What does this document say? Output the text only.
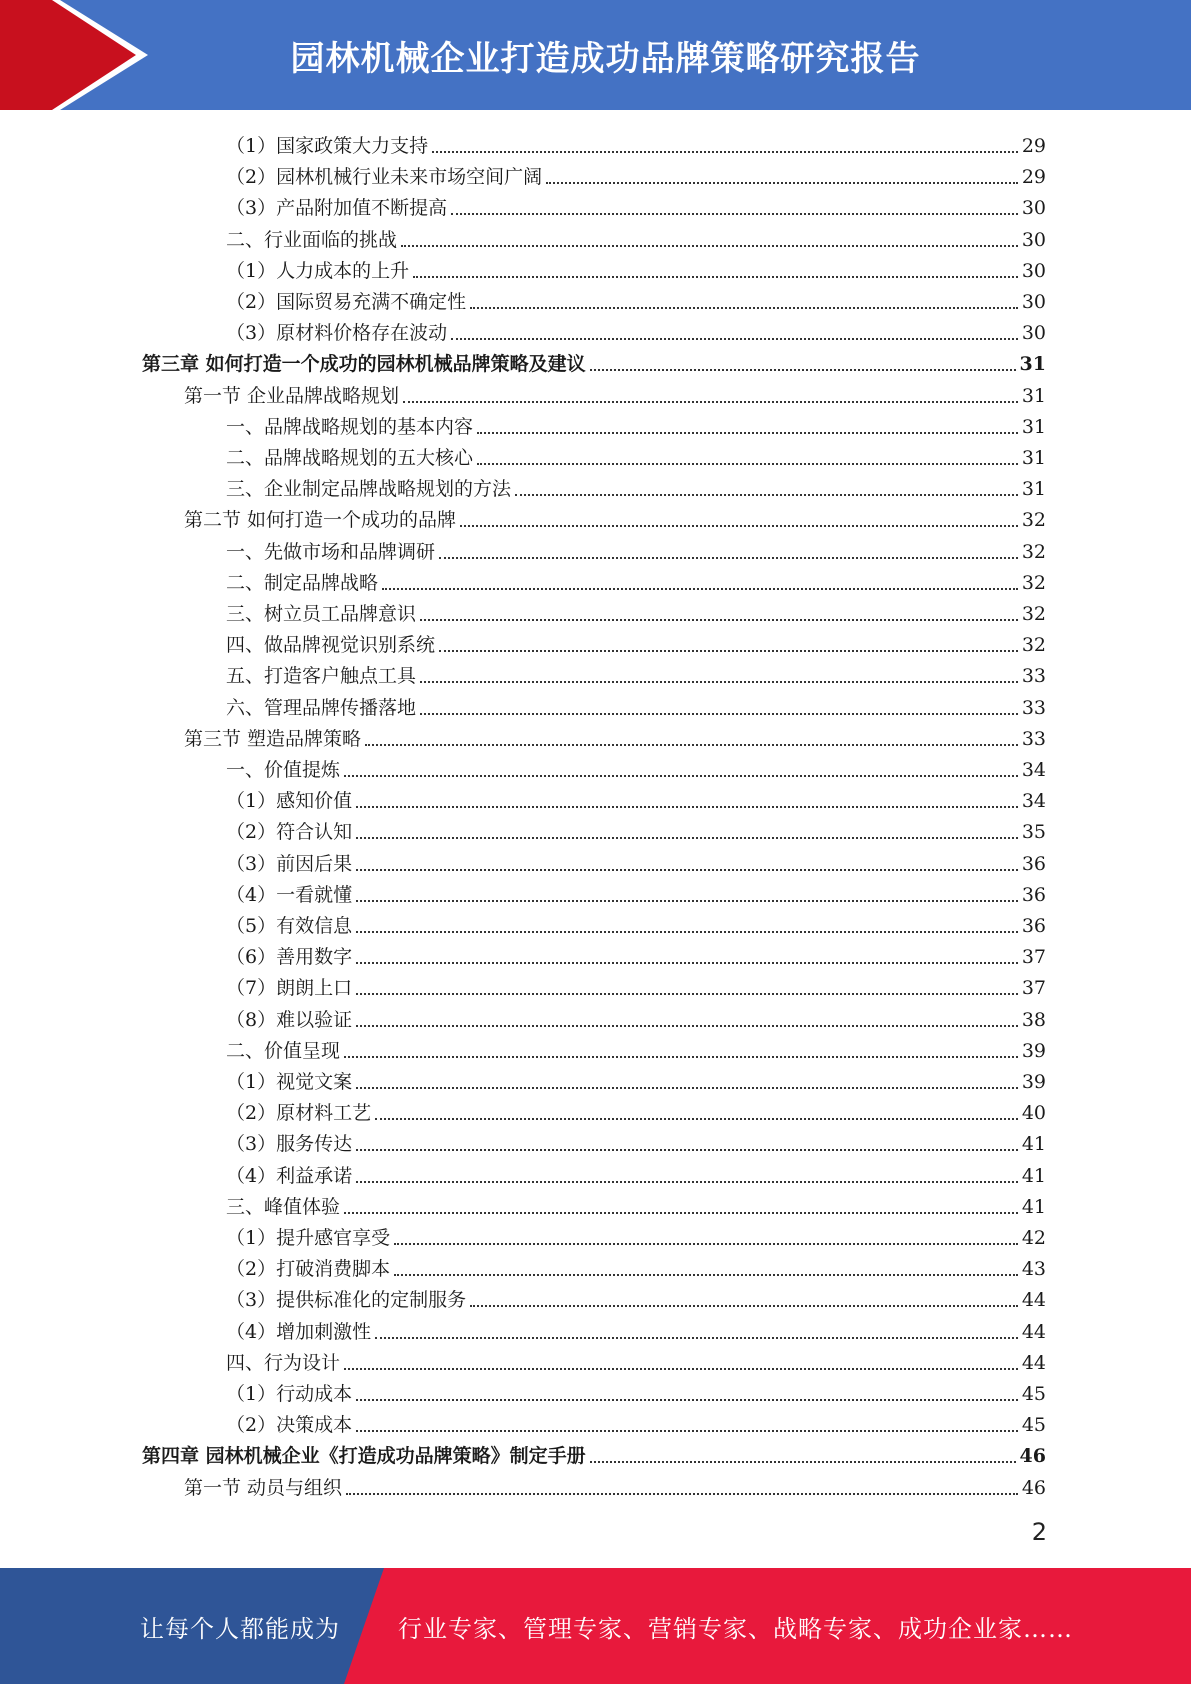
园林机械企业打造成功品牌策略研究报告
（1）国家政策大力支持	29
（2）园林机械行业未来市场空间广阔	29
（3）产品附加值不断提高	30
二、行业面临的挑战	30
（1）人力成本的上升	30
（2）国际贸易充满不确定性	30
（3）原材料价格存在波动	30
第三章 如何打造一个成功的园林机械品牌策略及建议	31
第一节 企业品牌战略规划	31
一、品牌战略规划的基本内容	31
二、品牌战略规划的五大核心	31
三、企业制定品牌战略规划的方法	31
第二节 如何打造一个成功的品牌	32
一、先做市场和品牌调研	32
二、制定品牌战略	32
三、树立员工品牌意识	32
四、做品牌视觉识别系统	32
五、打造客户触点工具	33
六、管理品牌传播落地	33
第三节 塑造品牌策略	33
一、价值提炼	34
（1）感知价值	34
（2）符合认知	35
（3）前因后果	36
（4）一看就懂	36
（5）有效信息	36
（6）善用数字	37
（7）朗朗上口	37
（8）难以验证	38
二、价值呈现	39
（1）视觉文案	39
（2）原材料工艺	40
（3）服务传达	41
（4）利益承诺	41
三、峰值体验	41
（1）提升感官享受	42
（2）打破消费脚本	43
（3）提供标准化的定制服务	44
（4）增加刺激性	44
四、行为设计	44
（1）行动成本	45
（2）决策成本	45
第四章 园林机械企业《打造成功品牌策略》制定手册	46
第一节 动员与组织	46
2
让每个人都能成为 行业专家、管理专家、营销专家、战略专家、成功企业家……
